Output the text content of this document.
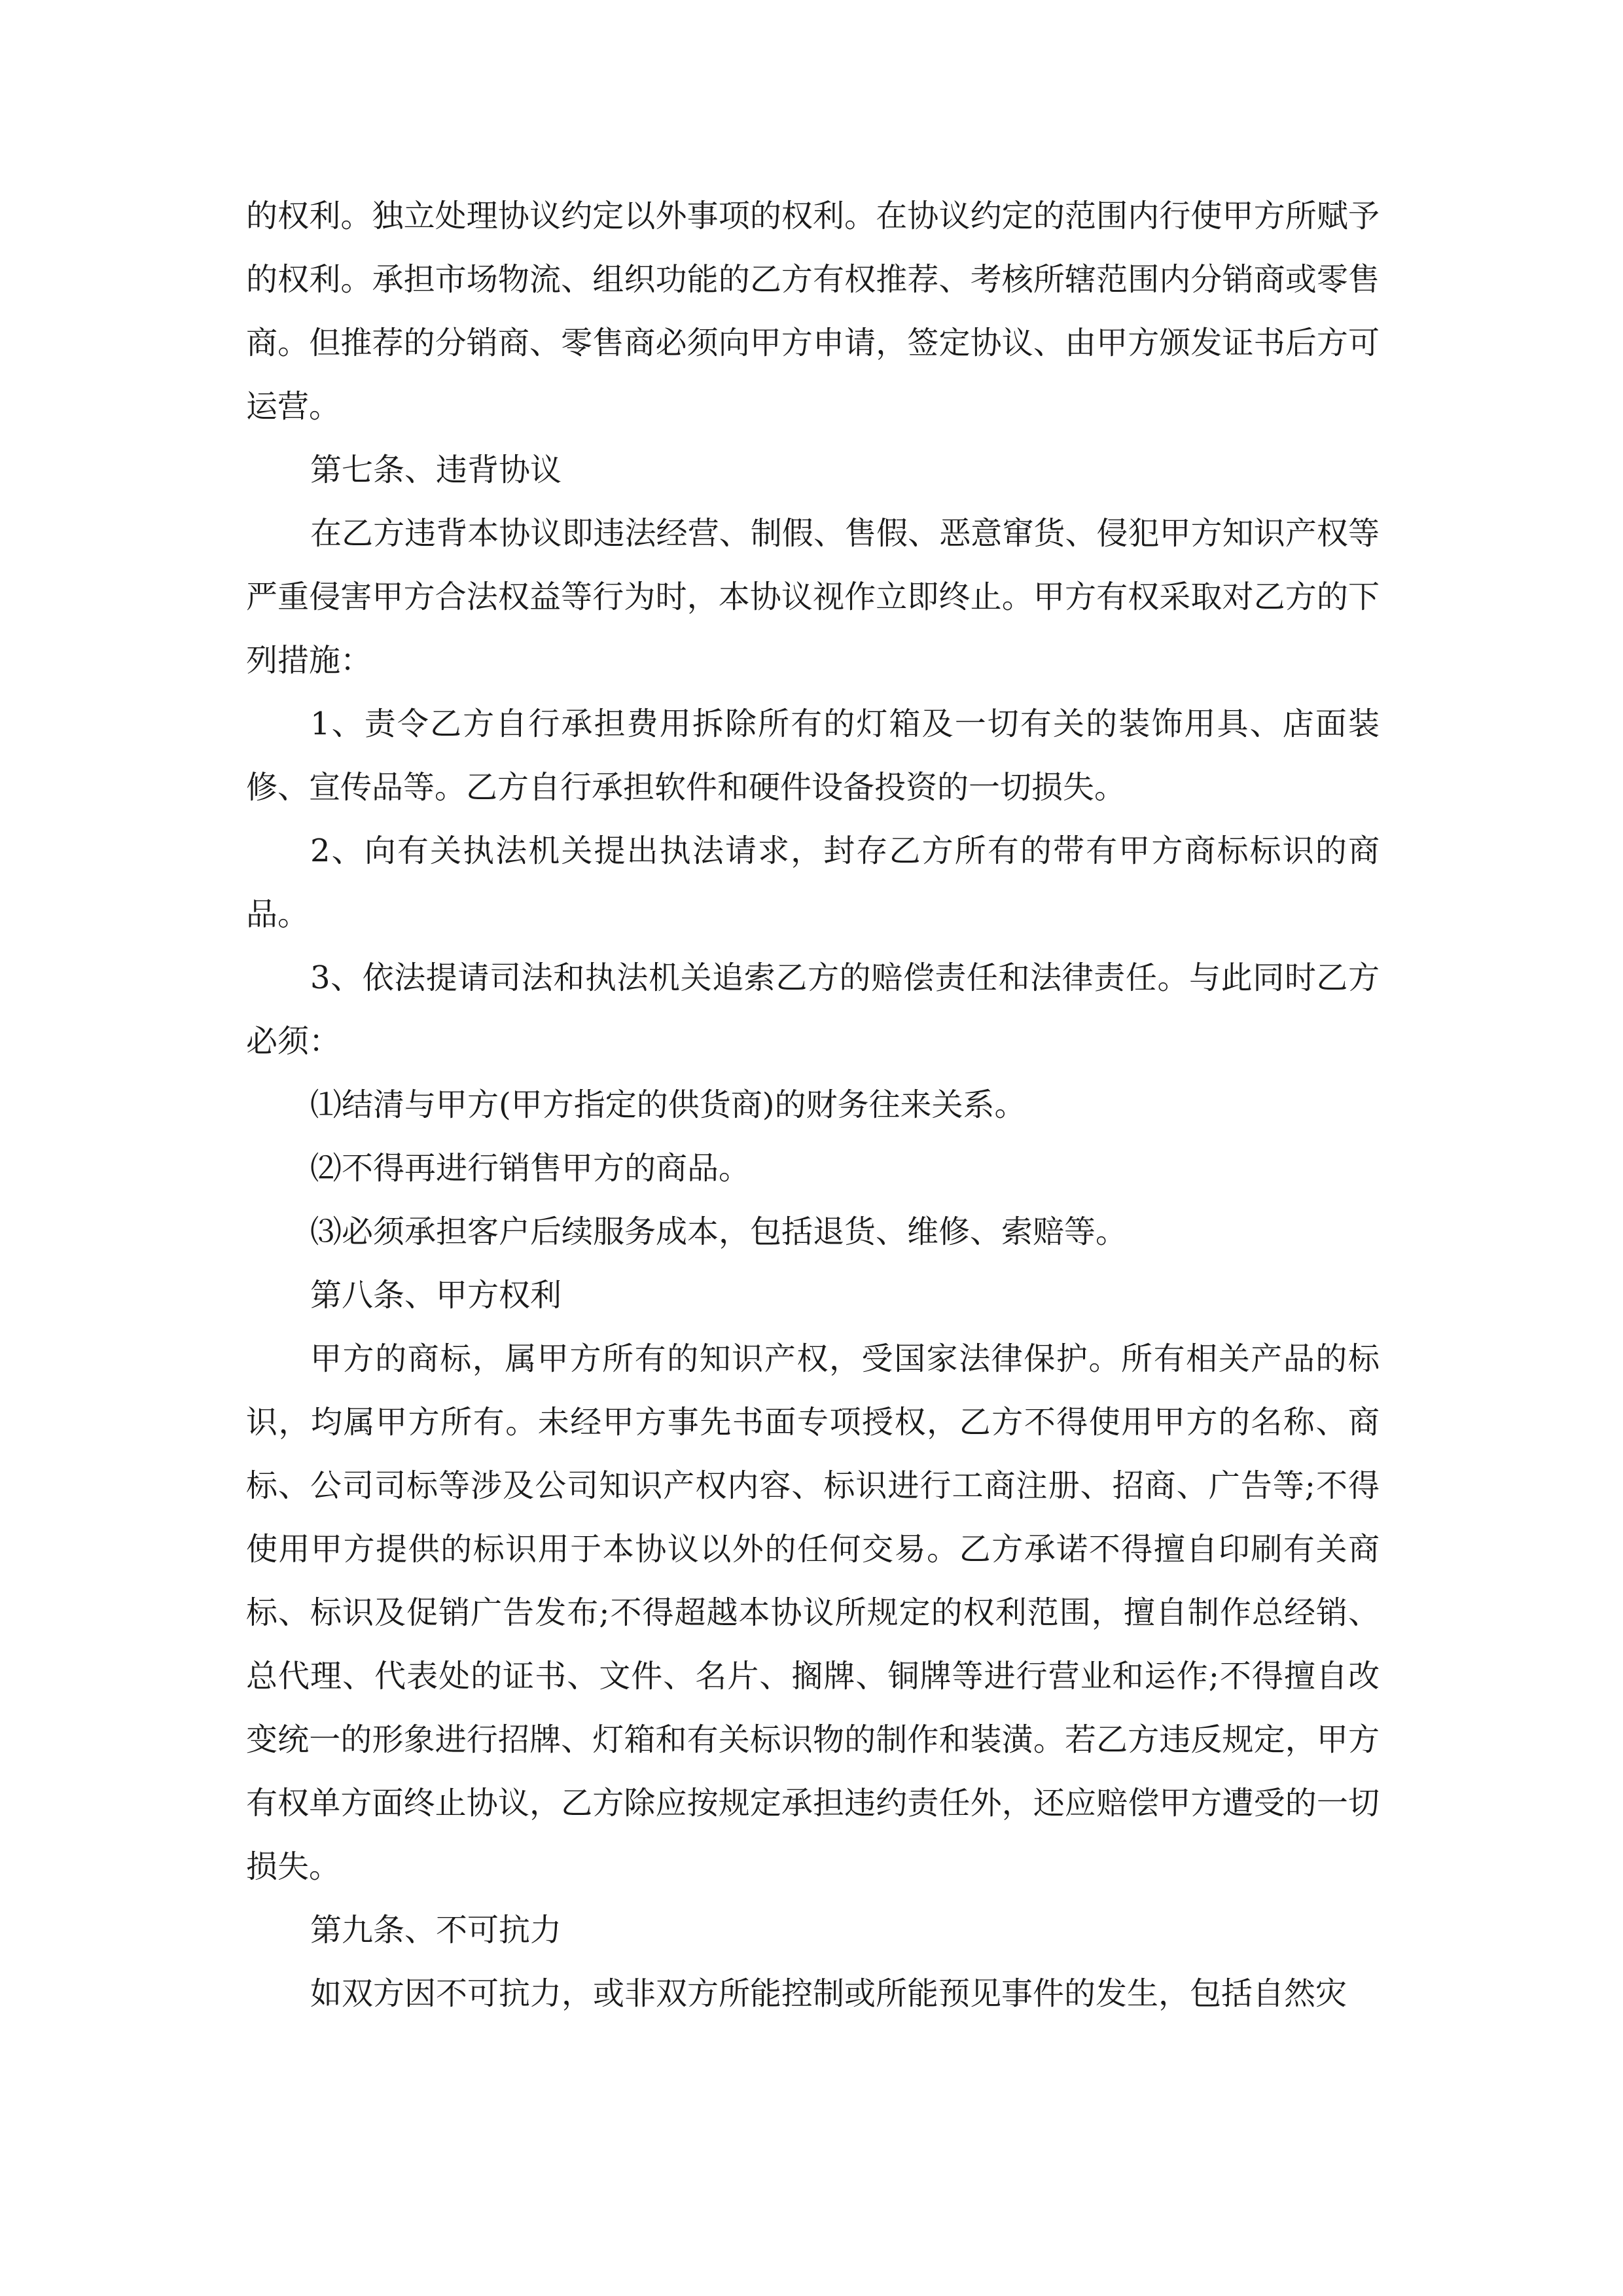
的权利。独立处理协议约定以外事项的权利。在协议约定的范围内行使甲方所赋予的权利。承担市场物流、组织功能的乙方有权推荐、考核所辖范围内分销商或零售商。但推荐的分销商、零售商必须向甲方申请，签定协议、由甲方颁发证书后方可运营。

第七条、违背协议

在乙方违背本协议即违法经营、制假、售假、恶意窜货、侵犯甲方知识产权等严重侵害甲方合法权益等行为时，本协议视作立即终止。甲方有权采取对乙方的下列措施：

1、责令乙方自行承担费用拆除所有的灯箱及一切有关的装饰用具、店面装修、宣传品等。乙方自行承担软件和硬件设备投资的一切损失。

2、向有关执法机关提出执法请求，封存乙方所有的带有甲方商标标识的商品。

3、依法提请司法和执法机关追索乙方的赔偿责任和法律责任。与此同时乙方必须：

⑴结清与甲方(甲方指定的供货商)的财务往来关系。

⑵不得再进行销售甲方的商品。

⑶必须承担客户后续服务成本，包括退货、维修、索赔等。

第八条、甲方权利

甲方的商标，属甲方所有的知识产权，受国家法律保护。所有相关产品的标识，均属甲方所有。未经甲方事先书面专项授权，乙方不得使用甲方的名称、商标、公司司标等涉及公司知识产权内容、标识进行工商注册、招商、广告等;不得使用甲方提供的标识用于本协议以外的任何交易。乙方承诺不得擅自印刷有关商标、标识及促销广告发布;不得超越本协议所规定的权利范围，擅自制作总经销、总代理、代表处的证书、文件、名片、搁牌、铜牌等进行营业和运作;不得擅自改变统一的形象进行招牌、灯箱和有关标识物的制作和装潢。若乙方违反规定，甲方有权单方面终止协议，乙方除应按规定承担违约责任外，还应赔偿甲方遭受的一切损失。

第九条、不可抗力

如双方因不可抗力，或非双方所能控制或所能预见事件的发生，包括自然灾
